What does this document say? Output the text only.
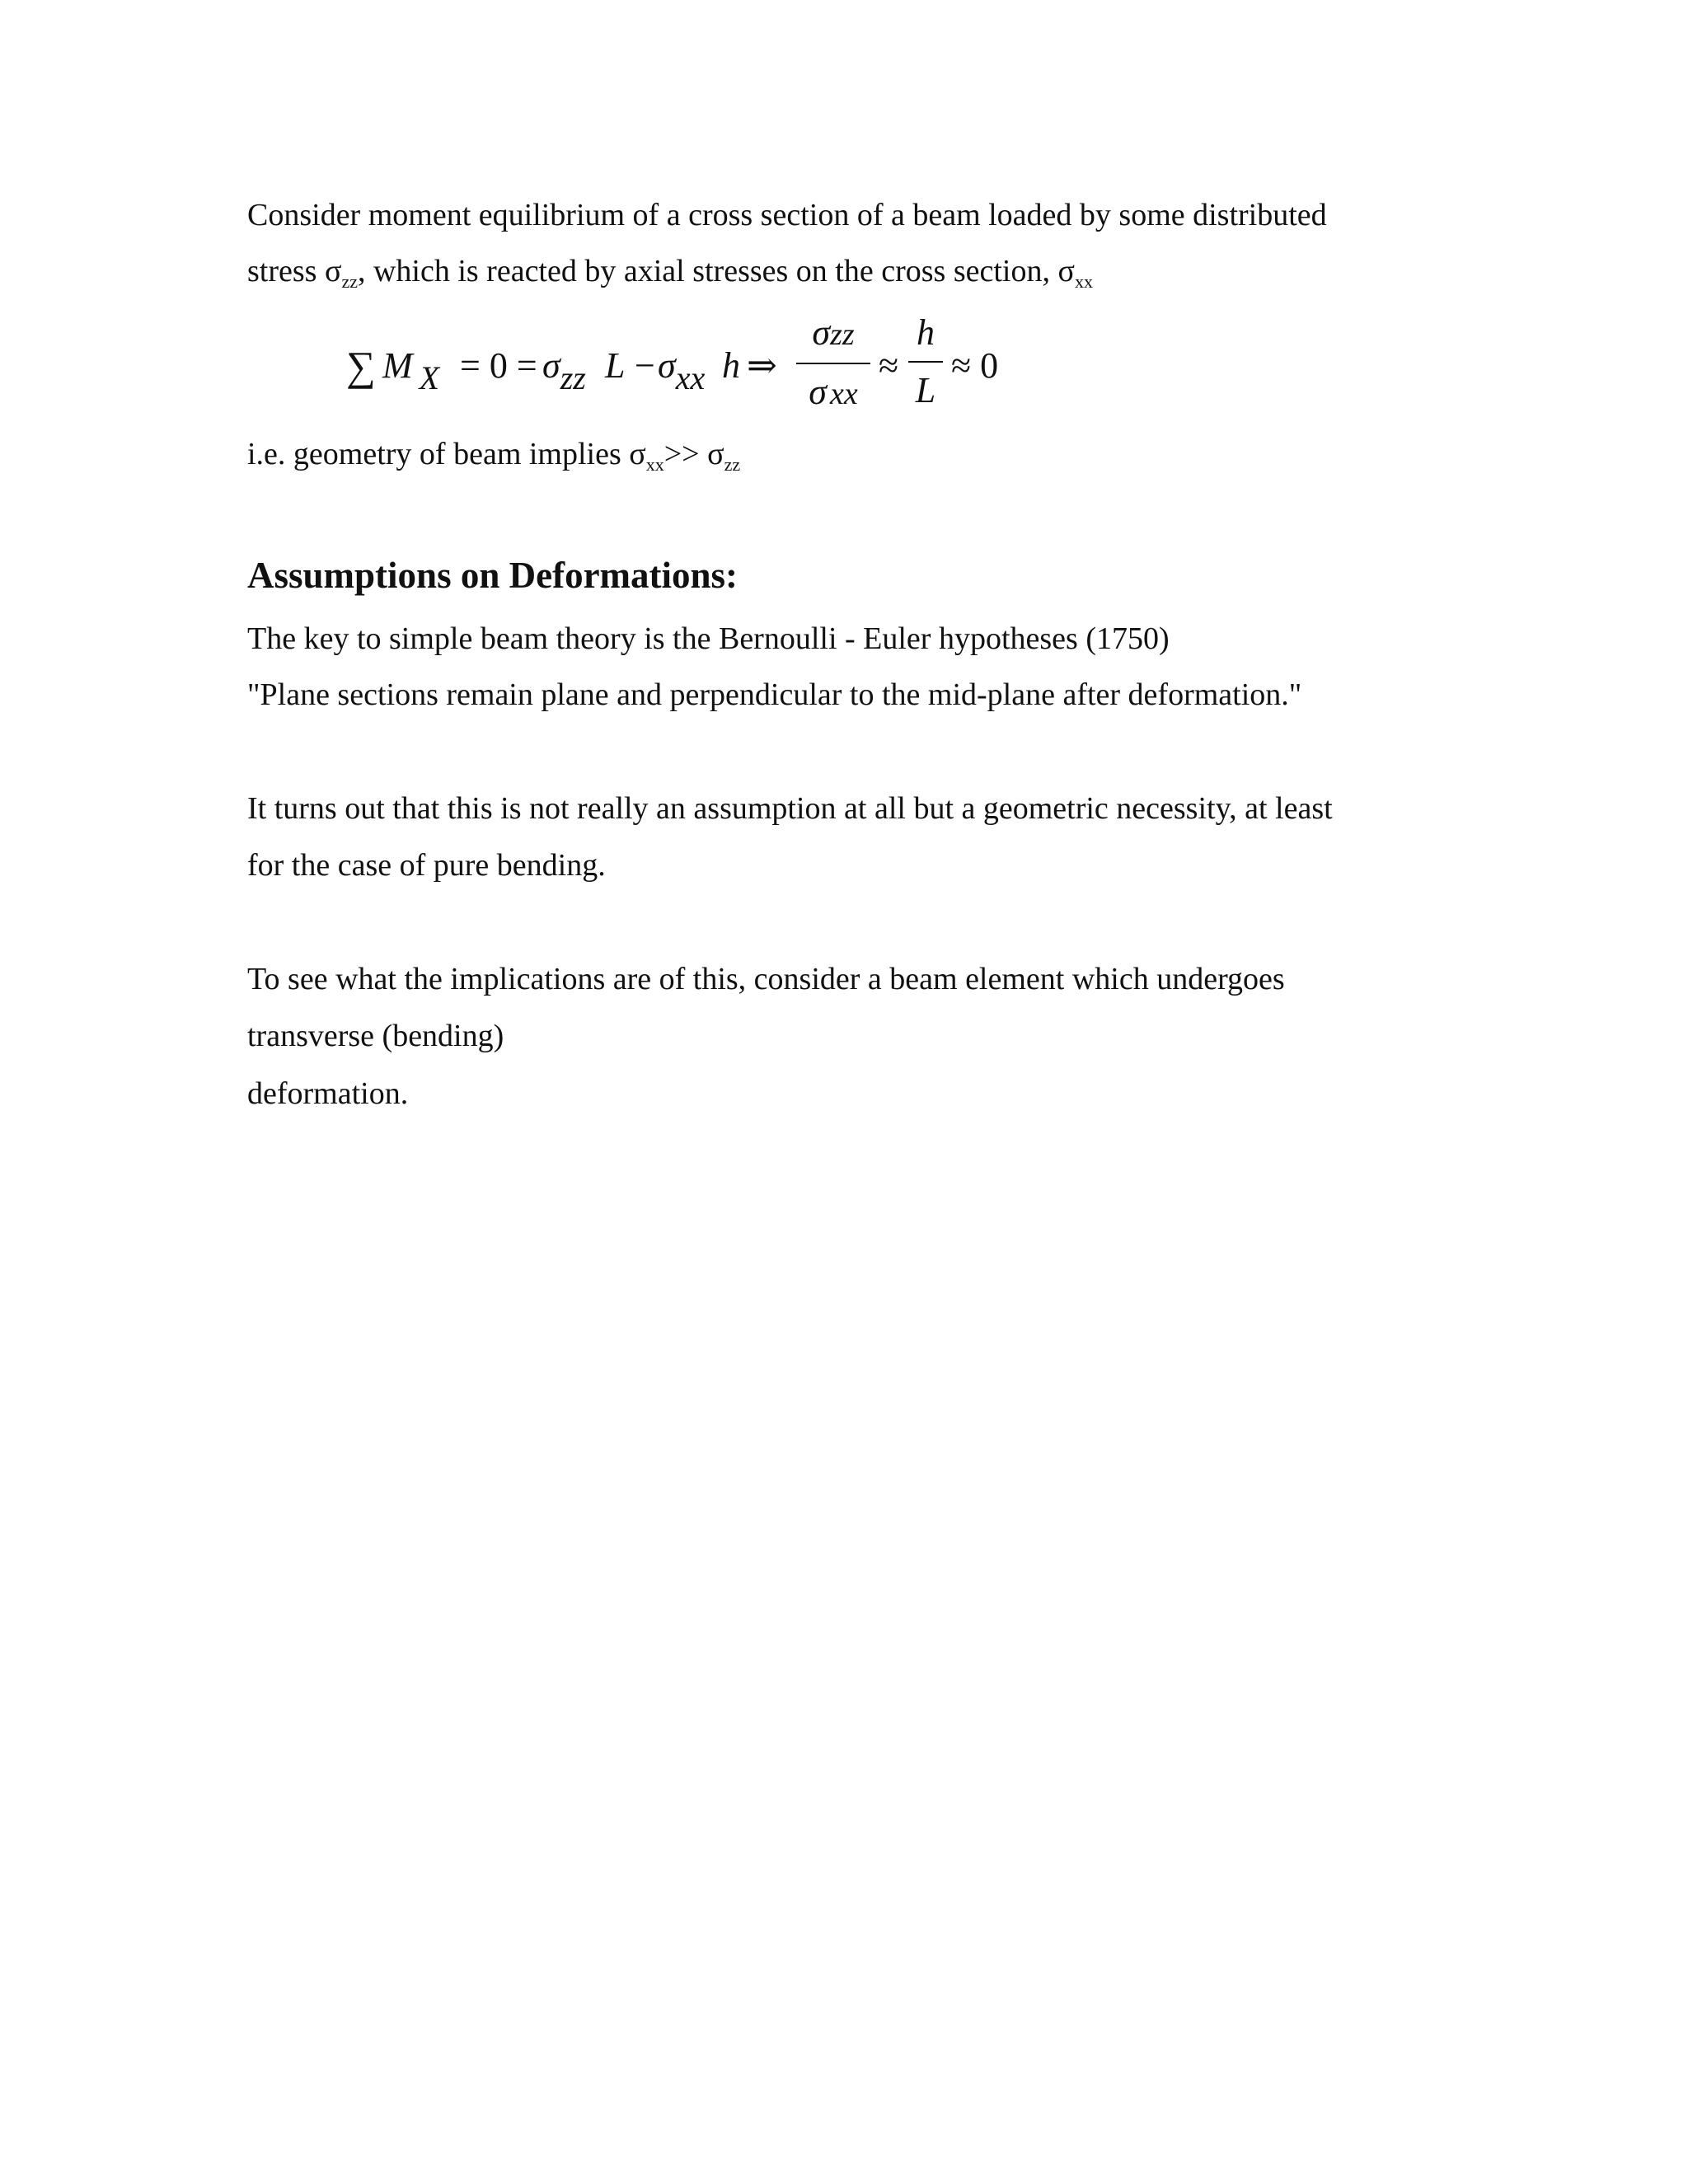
Consider moment equilibrium of a cross section of a beam loaded by some distributed
stress $\sigma_{zz}$, which is reacted by axial stresses on the cross section, $\sigma_{xx}$
∑ M X = 0 = σzz L − σxx h ⇒
σzz
σ xx
≈
h
L
≈ 0
i.e. geometry of beam implies $\sigma_{xx}>> \sigma_{zz}$
Assumptions on Deformations:
The key to simple beam theory is the Bernoulli - Euler hypotheses (1750)
"Plane sections remain plane and perpendicular to the mid-plane after deformation."
It turns out that this is not really an assumption at all but a geometric necessity, at least
for the case of pure bending.
To see what the implications are of this, consider a beam element which undergoes
transverse (bending)
deformation.
